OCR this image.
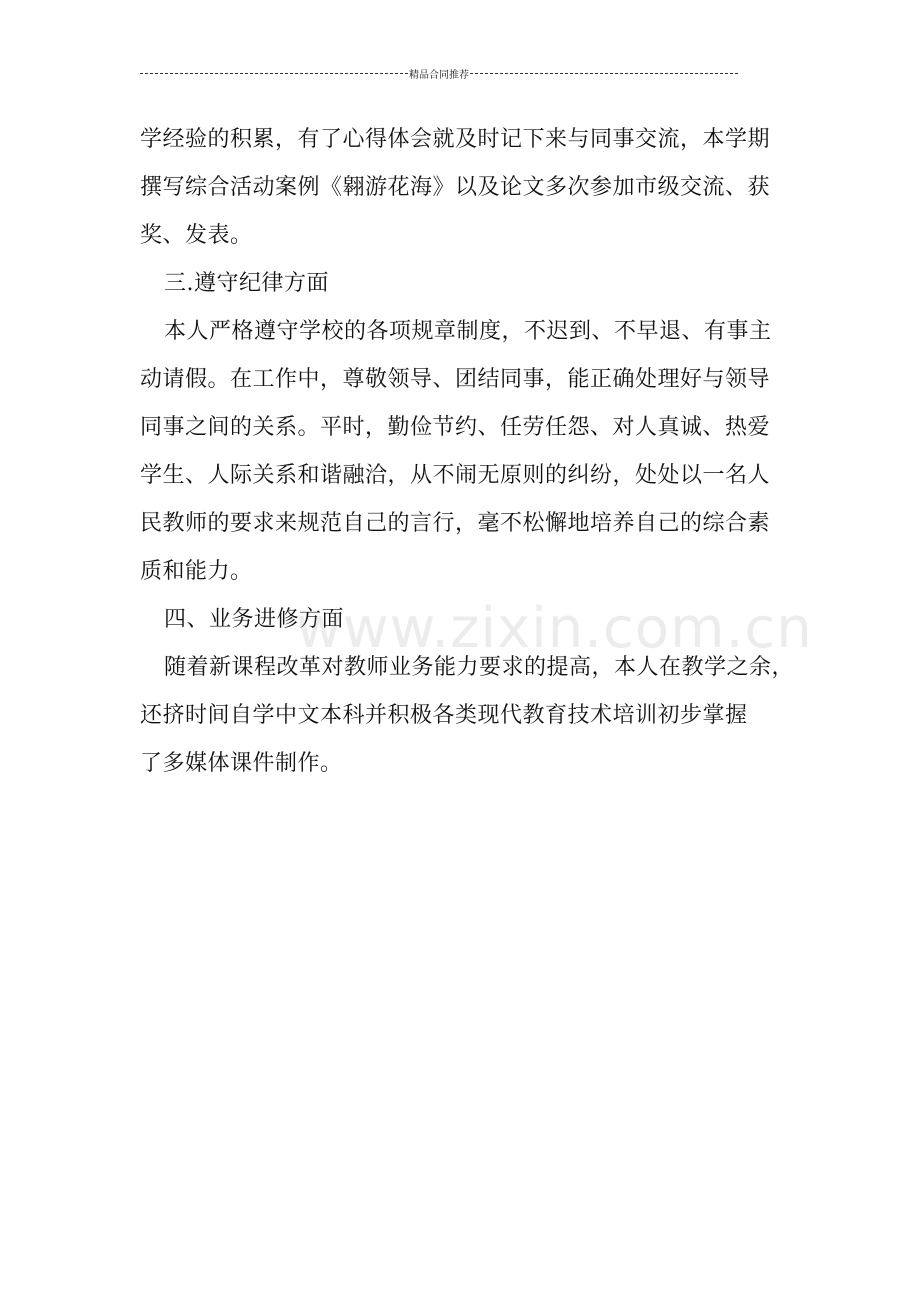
精品合同推荐
学经验的积累，有了心得体会就及时记下来与同事交流，本学期
撰写综合活动案例《翱游花海》以及论文多次参加市级交流、获
奖、发表。
三.遵守纪律方面
本人严格遵守学校的各项规章制度，不迟到、不早退、有事主
动请假。在工作中，尊敬领导、团结同事，能正确处理好与领导
同事之间的关系。平时，勤俭节约、任劳任怨、对人真诚、热爱
学生、人际关系和谐融洽，从不闹无原则的纠纷，处处以一名人
民教师的要求来规范自己的言行，毫不松懈地培养自己的综合素
质和能力。
四、业务进修方面
随着新课程改革对教师业务能力要求的提高，本人在教学之余，
还挤时间自学中文本科并积极各类现代教育技术培训初步掌握
了多媒体课件制作。
www.zixin.com.cn
